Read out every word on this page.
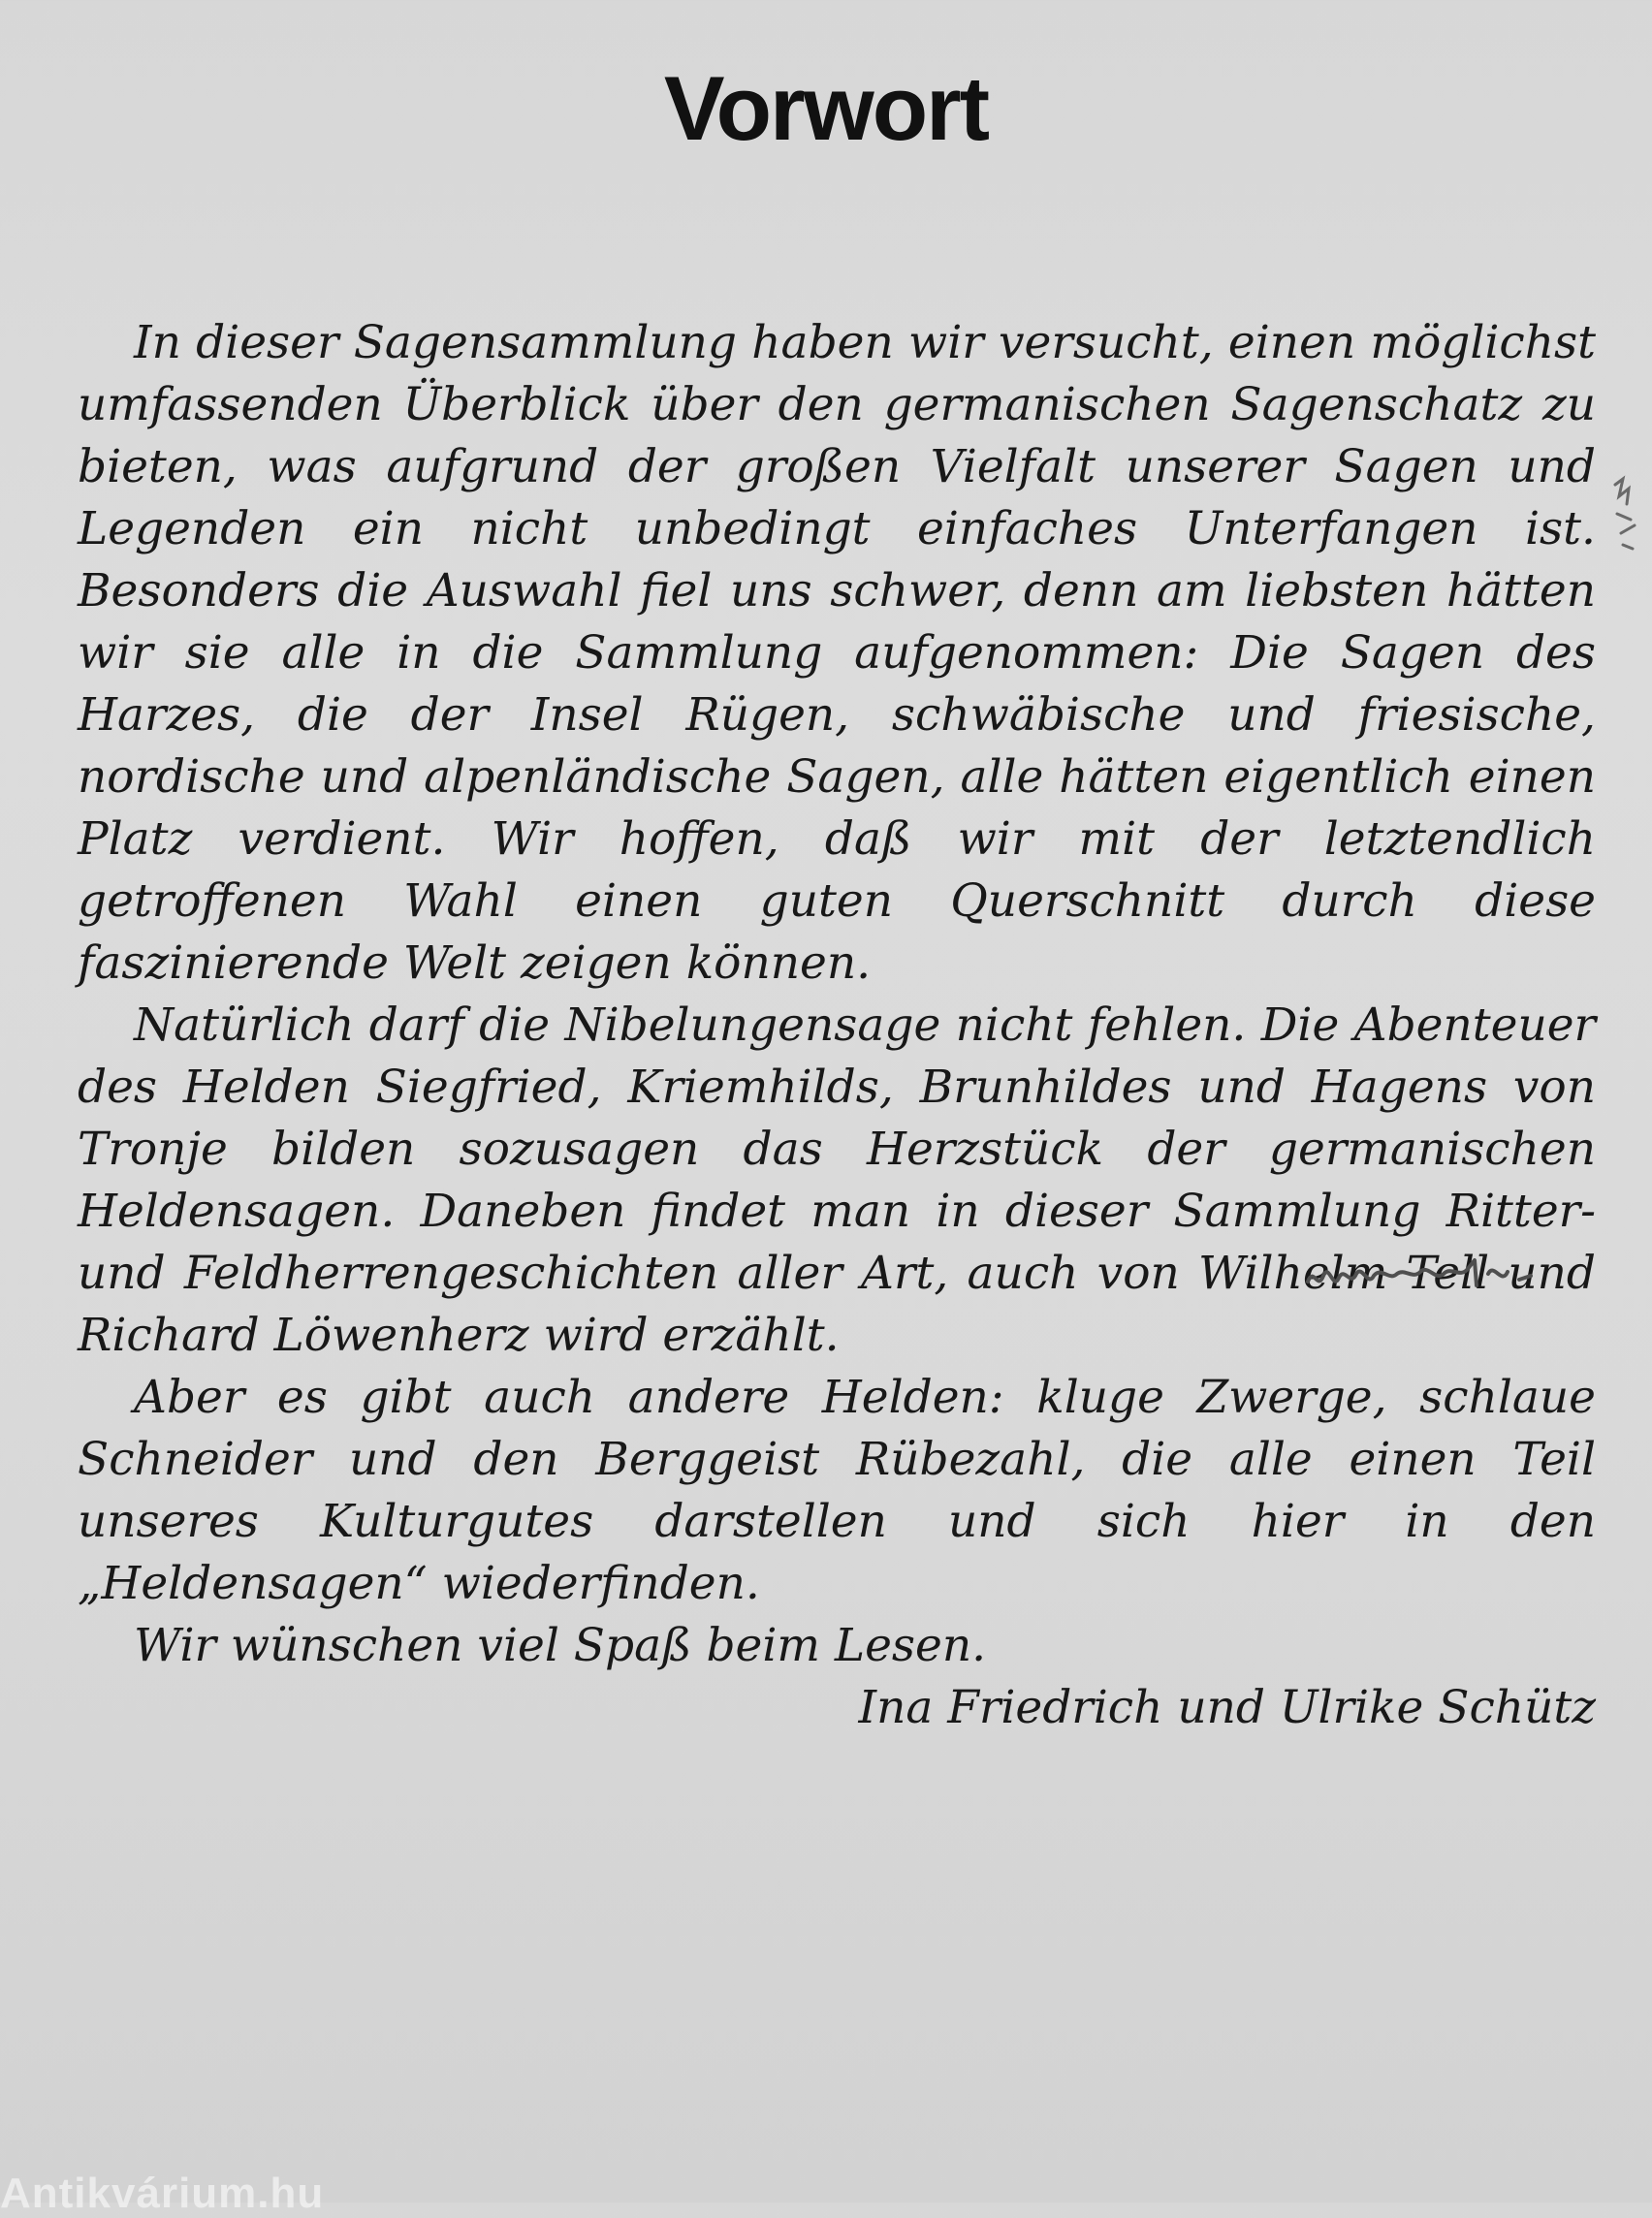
Vorwort

In dieser Sagensammlung haben wir versucht, einen möglichst umfassenden Überblick über den germanischen Sagenschatz zu bieten, was aufgrund der großen Vielfalt unserer Sagen und Legenden ein nicht unbedingt einfaches Unterfangen ist. Besonders die Auswahl fiel uns schwer, denn am liebsten hätten wir sie alle in die Sammlung aufgenommen: Die Sagen des Harzes, die der Insel Rügen, schwäbische und friesische, nordische und alpenländische Sagen, alle hätten eigentlich einen Platz verdient. Wir hoffen, daß wir mit der letztendlich getroffenen Wahl einen guten Querschnitt durch diese faszinierende Welt zeigen können.

Natürlich darf die Nibelungensage nicht fehlen. Die Abenteuer des Helden Siegfried, Kriemhilds, Brunhildes und Hagens von Tronje bilden sozusagen das Herzstück der germanischen Heldensagen. Daneben findet man in dieser Sammlung Ritter- und Feldherrengeschichten aller Art, auch von Wilhelm Tell und Richard Löwenherz wird erzählt.

Aber es gibt auch andere Helden: kluge Zwerge, schlaue Schneider und den Berggeist Rübezahl, die alle einen Teil unseres Kulturgutes darstellen und sich hier in den „Heldensagen“ wiederfinden.

Wir wünschen viel Spaß beim Lesen.

Ina Friedrich und Ulrike Schütz

Antikvárium.hu
